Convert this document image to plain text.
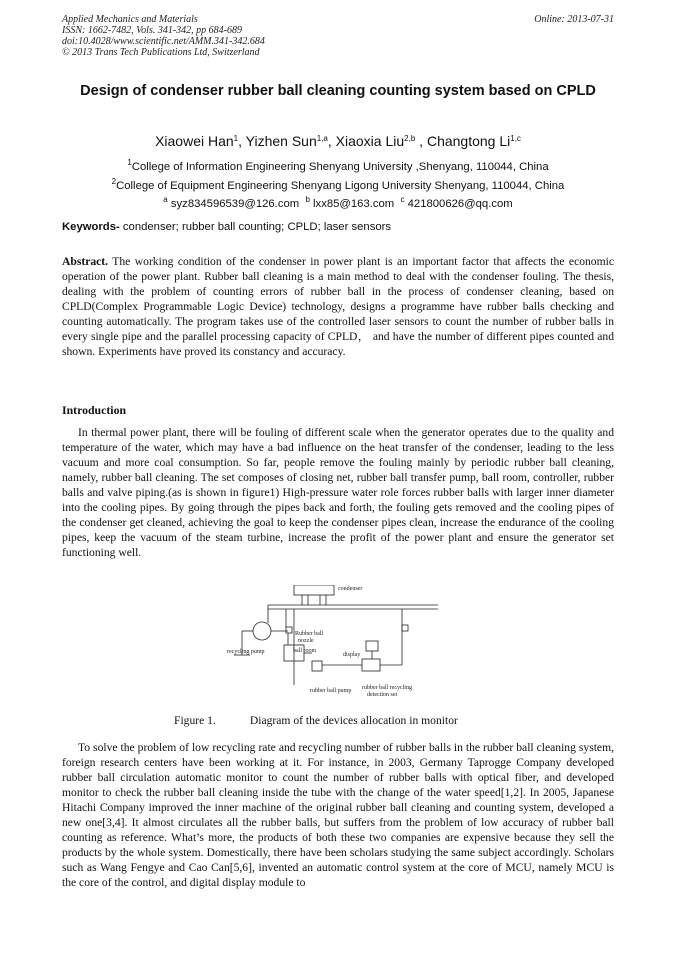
Applied Mechanics and Materials
ISSN: 1662-7482, Vols. 341-342, pp 684-689
doi:10.4028/www.scientific.net/AMM.341-342.684
© 2013 Trans Tech Publications Ltd, Switzerland
Online: 2013-07-31
Design of condenser rubber ball cleaning counting system based on CPLD
Xiaowei Han$^1$, Yizhen Sun$^{1,a}$, Xiaoxia Liu$^{2,b}$ , Changtong Li$^{1,c}$
$^1$College of Information Engineering Shenyang University ,Shenyang, 110044, China
$^2$College of Equipment Engineering Shenyang Ligong University Shenyang, 110044, China
$^a$ syz834596539@126.com $^b$ lxx85@163.com $^c$ 421800626@qq.com
Keywords- condenser; rubber ball counting; CPLD; laser sensors
Abstract. The working condition of the condenser in power plant is an important factor that affects the economic operation of the power plant. Rubber ball cleaning is a main method to deal with the condenser fouling. The thesis, dealing with the problem of counting errors of rubber ball in the process of condenser cleaning, based on CPLD(Complex Programmable Logic Device) technology, designs a programme have rubber balls checking and counting automatically. The program takes use of the controlled laser sensors to count the number of rubber balls in every single pipe and the parallel processing capacity of CPLD， and have the number of different pipes counted and shown. Experiments have proved its constancy and accuracy.
Introduction
In thermal power plant, there will be fouling of different scale when the generator operates due to the quality and temperature of the water, which may have a bad influence on the heat transfer of the condenser, leading to the less vacuum and more coal consumption. So far, people remove the fouling mainly by periodic rubber ball cleaning, namely, rubber ball cleaning. The set composes of closing net, rubber ball transfer pump, ball room, controller, rubber balls and valve piping.(as is shown in figure1) High-pressure water role forces rubber balls with larger inner diameter into the cooling pipes. By going through the pipes back and forth, the fouling gets removed and the cooling pipes of the condenser get cleaned, achieving the goal to keep the condenser pipes clean, increase the endurance of the cooling pipes, keep the vacuum of the steam turbine, increase the profit of the power plant and ensure the generator set functioning well.
condenser
Rubber ball
nozzle
recycling pump	ball room
display
rubber ball pump rubber ball recycling
detection set
Figure 1.	Diagram of the devices allocation in monitor
To solve the problem of low recycling rate and recycling number of rubber balls in the rubber ball cleaning system, foreign research centers have been working at it. For instance, in 2003, Germany Taprogge Company developed rubber ball circulation automatic monitor to count the number of rubber balls with optical fiber, and developed monitor to check the rubber ball cleaning inside the tube with the change of the water speed[1,2]. In 2005, Japanese Hitachi Company improved the inner machine of the original rubber ball cleaning and counting system, developed a new one[3,4]. It almost circulates all the rubber balls, but suffers from the problem of low accuracy of rubber ball counting as reference. What’s more, the products of both these two companies are expensive because they sell the products by the whole system. Domestically, there have been scholars studying the same subject accordingly. Scholars such as Wang Fengye and Cao Can[5,6], invented an automatic control system at the core of MCU, namely MCU is the core of the control, and digital display module to
